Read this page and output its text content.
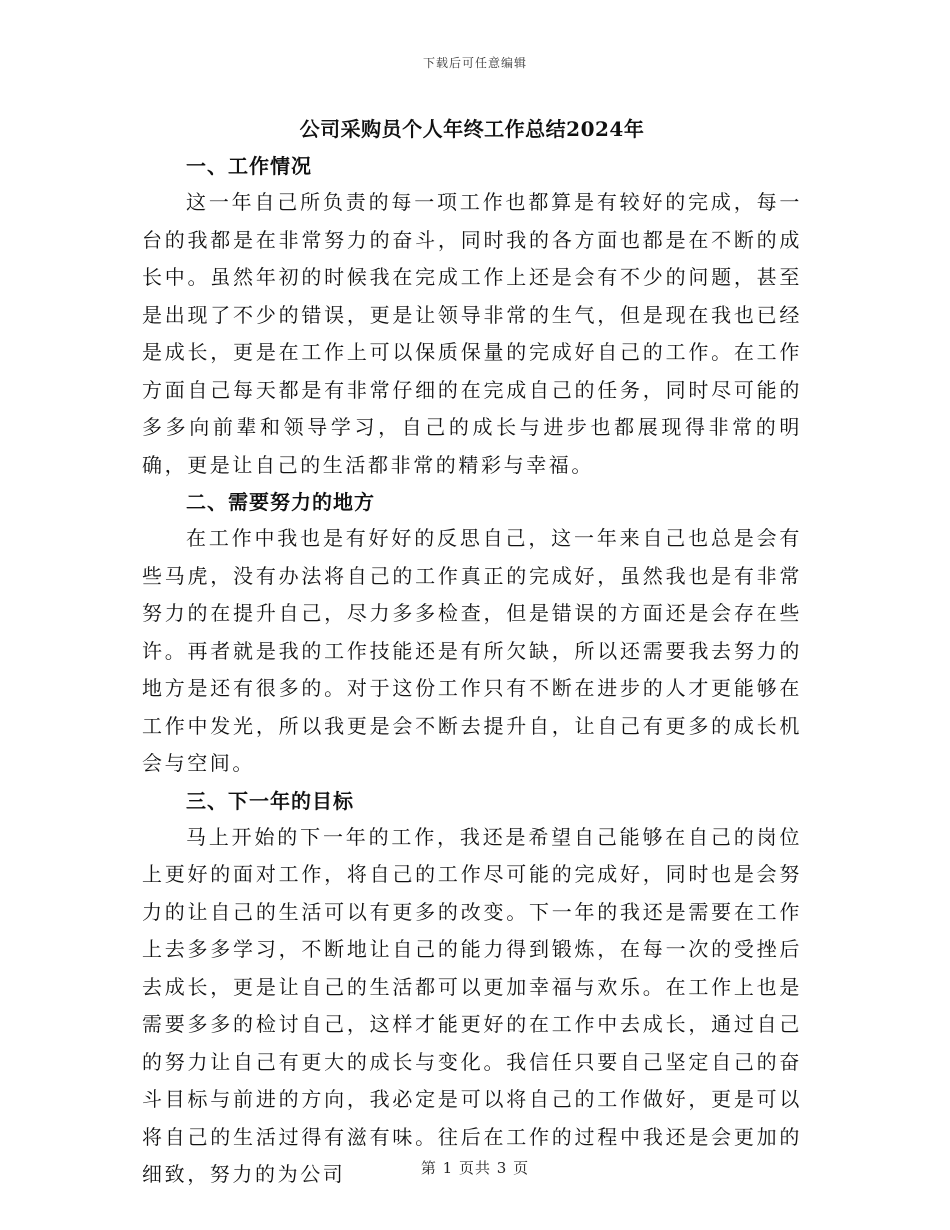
下载后可任意编辑
公司采购员个人年终工作总结2024年

一、工作情况

这一年自己所负责的每一项工作也都算是有较好的完成，每一台的我都是在非常努力的奋斗，同时我的各方面也都是在不断的成长中。虽然年初的时候我在完成工作上还是会有不少的问题，甚至是出现了不少的错误，更是让领导非常的生气，但是现在我也已经是成长，更是在工作上可以保质保量的完成好自己的工作。在工作方面自己每天都是有非常仔细的在完成自己的任务，同时尽可能的多多向前辈和领导学习，自己的成长与进步也都展现得非常的明确，更是让自己的生活都非常的精彩与幸福。

二、需要努力的地方

在工作中我也是有好好的反思自己，这一年来自己也总是会有些马虎，没有办法将自己的工作真正的完成好，虽然我也是有非常努力的在提升自己，尽力多多检查，但是错误的方面还是会存在些许。再者就是我的工作技能还是有所欠缺，所以还需要我去努力的地方是还有很多的。对于这份工作只有不断在进步的人才更能够在工作中发光，所以我更是会不断去提升自，让自己有更多的成长机会与空间。

三、下一年的目标

马上开始的下一年的工作，我还是希望自己能够在自己的岗位上更好的面对工作，将自己的工作尽可能的完成好，同时也是会努力的让自己的生活可以有更多的改变。下一年的我还是需要在工作上去多多学习，不断地让自己的能力得到锻炼，在每一次的受挫后去成长，更是让自己的生活都可以更加幸福与欢乐。在工作上也是需要多多的检讨自己，这样才能更好的在工作中去成长，通过自己的努力让自己有更大的成长与变化。我信任只要自己坚定自己的奋斗目标与前进的方向，我必定是可以将自己的工作做好，更是可以将自己的生活过得有滋有味。往后在工作的过程中我还是会更加的细致，努力的为公司	第 1 页共 3 页
